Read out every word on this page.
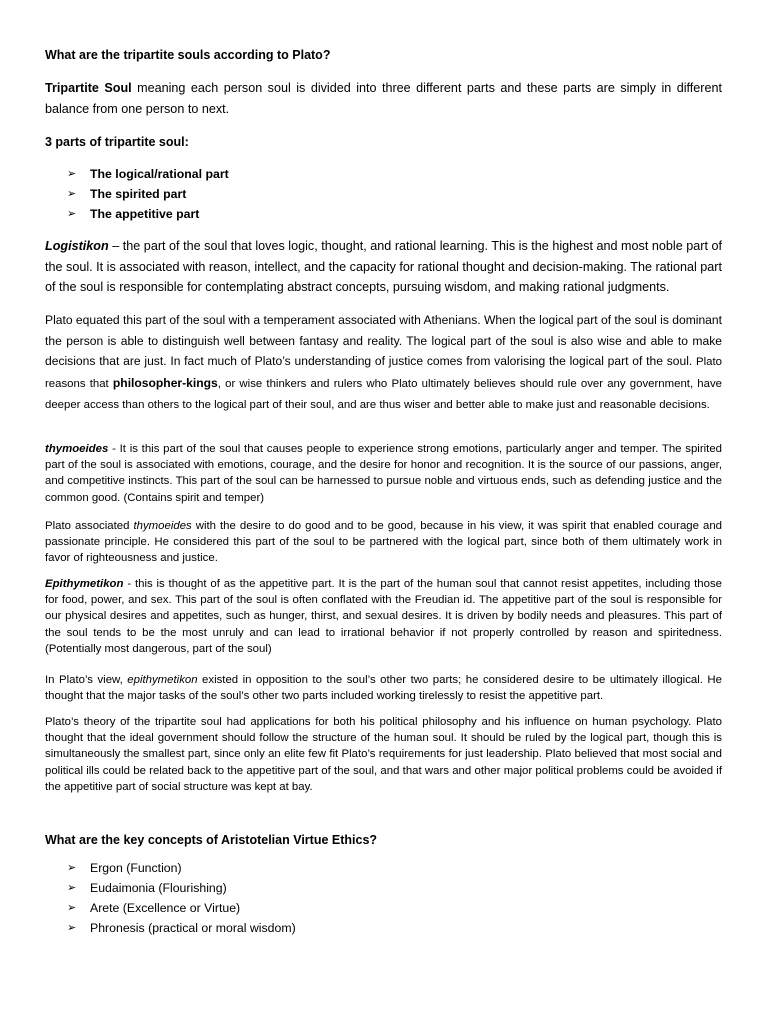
What are the tripartite souls according to Plato?

Tripartite Soul meaning each person soul is divided into three different parts and these parts are simply in different balance from one person to next.

3 parts of tripartite soul:

➢ The logical/rational part
➢ The spirited part
➢ The appetitive part

Logistikon – the part of the soul that loves logic, thought, and rational learning. This is the highest and most noble part of the soul. It is associated with reason, intellect, and the capacity for rational thought and decision-making. The rational part of the soul is responsible for contemplating abstract concepts, pursuing wisdom, and making rational judgments.

Plato equated this part of the soul with a temperament associated with Athenians. When the logical part of the soul is dominant the person is able to distinguish well between fantasy and reality. The logical part of the soul is also wise and able to make decisions that are just. In fact much of Plato’s understanding of justice comes from valorising the logical part of the soul. Plato reasons that philosopher-kings, or wise thinkers and rulers who Plato ultimately believes should rule over any government, have deeper access than others to the logical part of their soul, and are thus wiser and better able to make just and reasonable decisions.

thymoeides - It is this part of the soul that causes people to experience strong emotions, particularly anger and temper. The spirited part of the soul is associated with emotions, courage, and the desire for honor and recognition. It is the source of our passions, anger, and competitive instincts. This part of the soul can be harnessed to pursue noble and virtuous ends, such as defending justice and the common good. (Contains spirit and temper)

Plato associated thymoeides with the desire to do good and to be good, because in his view, it was spirit that enabled courage and passionate principle. He considered this part of the soul to be partnered with the logical part, since both of them ultimately work in favor of righteousness and justice.

Epithymetikon - this is thought of as the appetitive part. It is the part of the human soul that cannot resist appetites, including those for food, power, and sex. This part of the soul is often conflated with the Freudian id. The appetitive part of the soul is responsible for our physical desires and appetites, such as hunger, thirst, and sexual desires. It is driven by bodily needs and pleasures. This part of the soul tends to be the most unruly and can lead to irrational behavior if not properly controlled by reason and spiritedness. (Potentially most dangerous, part of the soul)

In Plato’s view, epithymetikon existed in opposition to the soul’s other two parts; he considered desire to be ultimately illogical. He thought that the major tasks of the soul’s other two parts included working tirelessly to resist the appetitive part.

Plato’s theory of the tripartite soul had applications for both his political philosophy and his influence on human psychology. Plato thought that the ideal government should follow the structure of the human soul. It should be ruled by the logical part, though this is simultaneously the smallest part, since only an elite few fit Plato’s requirements for just leadership. Plato believed that most social and political ills could be related back to the appetitive part of the soul, and that wars and other major political problems could be avoided if the appetitive part of social structure was kept at bay.

What are the key concepts of Aristotelian Virtue Ethics?

➢ Ergon (Function)
➢ Eudaimonia (Flourishing)
➢ Arete (Excellence or Virtue)
➢ Phronesis (practical or moral wisdom)
